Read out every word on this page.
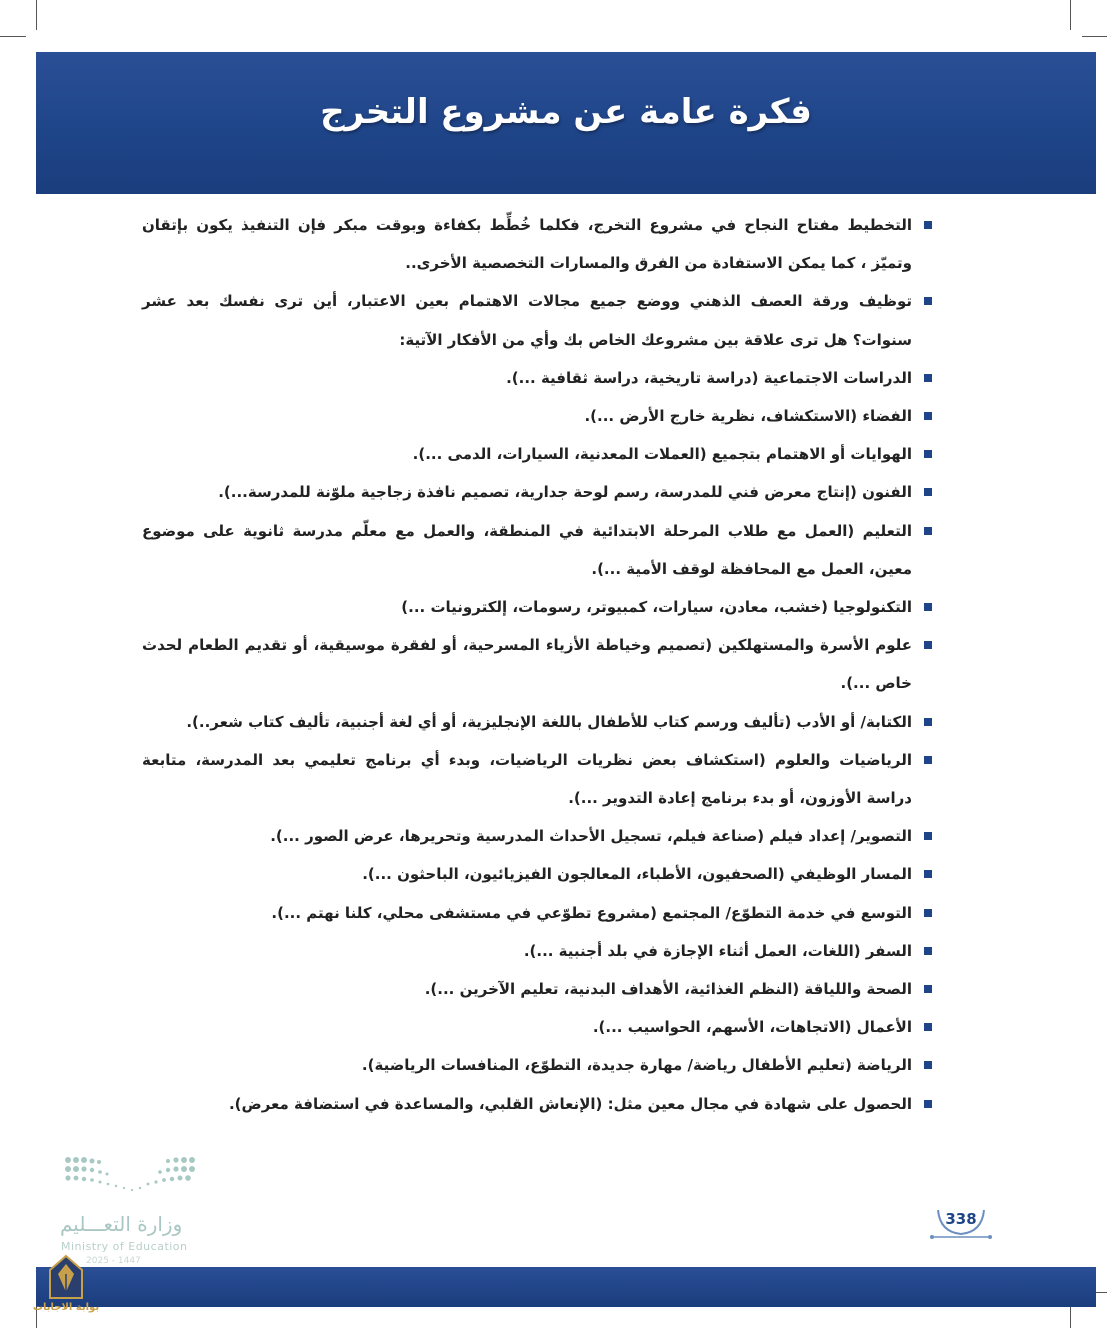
فكرة عامة عن مشروع التخرج
التخطيط مفتاح النجاح في مشروع التخرج، فكلما خُطِّط بكفاءة وبوقت مبكر فإن التنفيذ يكون بإتقان وتميّز ، كما يمكن الاستفادة من الفرق والمسارات التخصصية الأخرى..
توظيف ورقة العصف الذهني ووضع جميع مجالات الاهتمام بعين الاعتبار، أين ترى نفسك بعد عشر سنوات؟ هل ترى علاقة بين مشروعك الخاص بك وأي من الأفكار الآتية:
الدراسات الاجتماعية (دراسة تاريخية، دراسة ثقافية ...).
الفضاء (الاستكشاف، نظرية خارج الأرض ...).
الهوايات أو الاهتمام بتجميع (العملات المعدنية، السيارات، الدمى ...).
الفنون (إنتاج معرض فني للمدرسة، رسم لوحة جدارية، تصميم نافذة زجاجية ملوّنة للمدرسة...).
التعليم (العمل مع طلاب المرحلة الابتدائية في المنطقة، والعمل مع معلّم مدرسة ثانوية على موضوع معين، العمل مع المحافظة لوقف الأمية ...).
التكنولوجيا (خشب، معادن، سيارات، كمبيوتر، رسومات، إلكترونيات ...)
علوم الأسرة والمستهلكين (تصميم وخياطة الأزياء المسرحية، أو لفقرة موسيقية، أو تقديم الطعام لحدث خاص ...).
الكتابة/ أو الأدب (تأليف ورسم كتاب للأطفال باللغة الإنجليزية، أو أي لغة أجنبية، تأليف كتاب شعر..).
الرياضيات والعلوم (استكشاف بعض نظريات الرياضيات، وبدء أي برنامج تعليمي بعد المدرسة، متابعة دراسة الأوزون، أو بدء برنامج إعادة التدوير ...).
التصوير/ إعداد فيلم (صناعة فيلم، تسجيل الأحداث المدرسية وتحريرها، عرض الصور ...).
المسار الوظيفي (الصحفيون، الأطباء، المعالجون الفيزيائيون، الباحثون ...).
التوسع في خدمة التطوّع/ المجتمع (مشروع تطوّعي في مستشفى محلي، كلنا نهتم ...).
السفر (اللغات، العمل أثناء الإجازة في بلد أجنبية ...).
الصحة واللياقة (النظم الغذائية، الأهداف البدنية، تعليم الآخرين ...).
الأعمال (الاتجاهات، الأسهم، الحواسيب ...).
الرياضة (تعليم الأطفال رياضة/ مهارة جديدة، التطوّع، المنافسات الرياضية).
الحصول على شهادة في مجال معين مثل: (الإنعاش القلبي، والمساعدة في استضافة معرض).
وزارة التعـــليم
Ministry of Education
2025 - 1447
338
بوابة الاجابات
